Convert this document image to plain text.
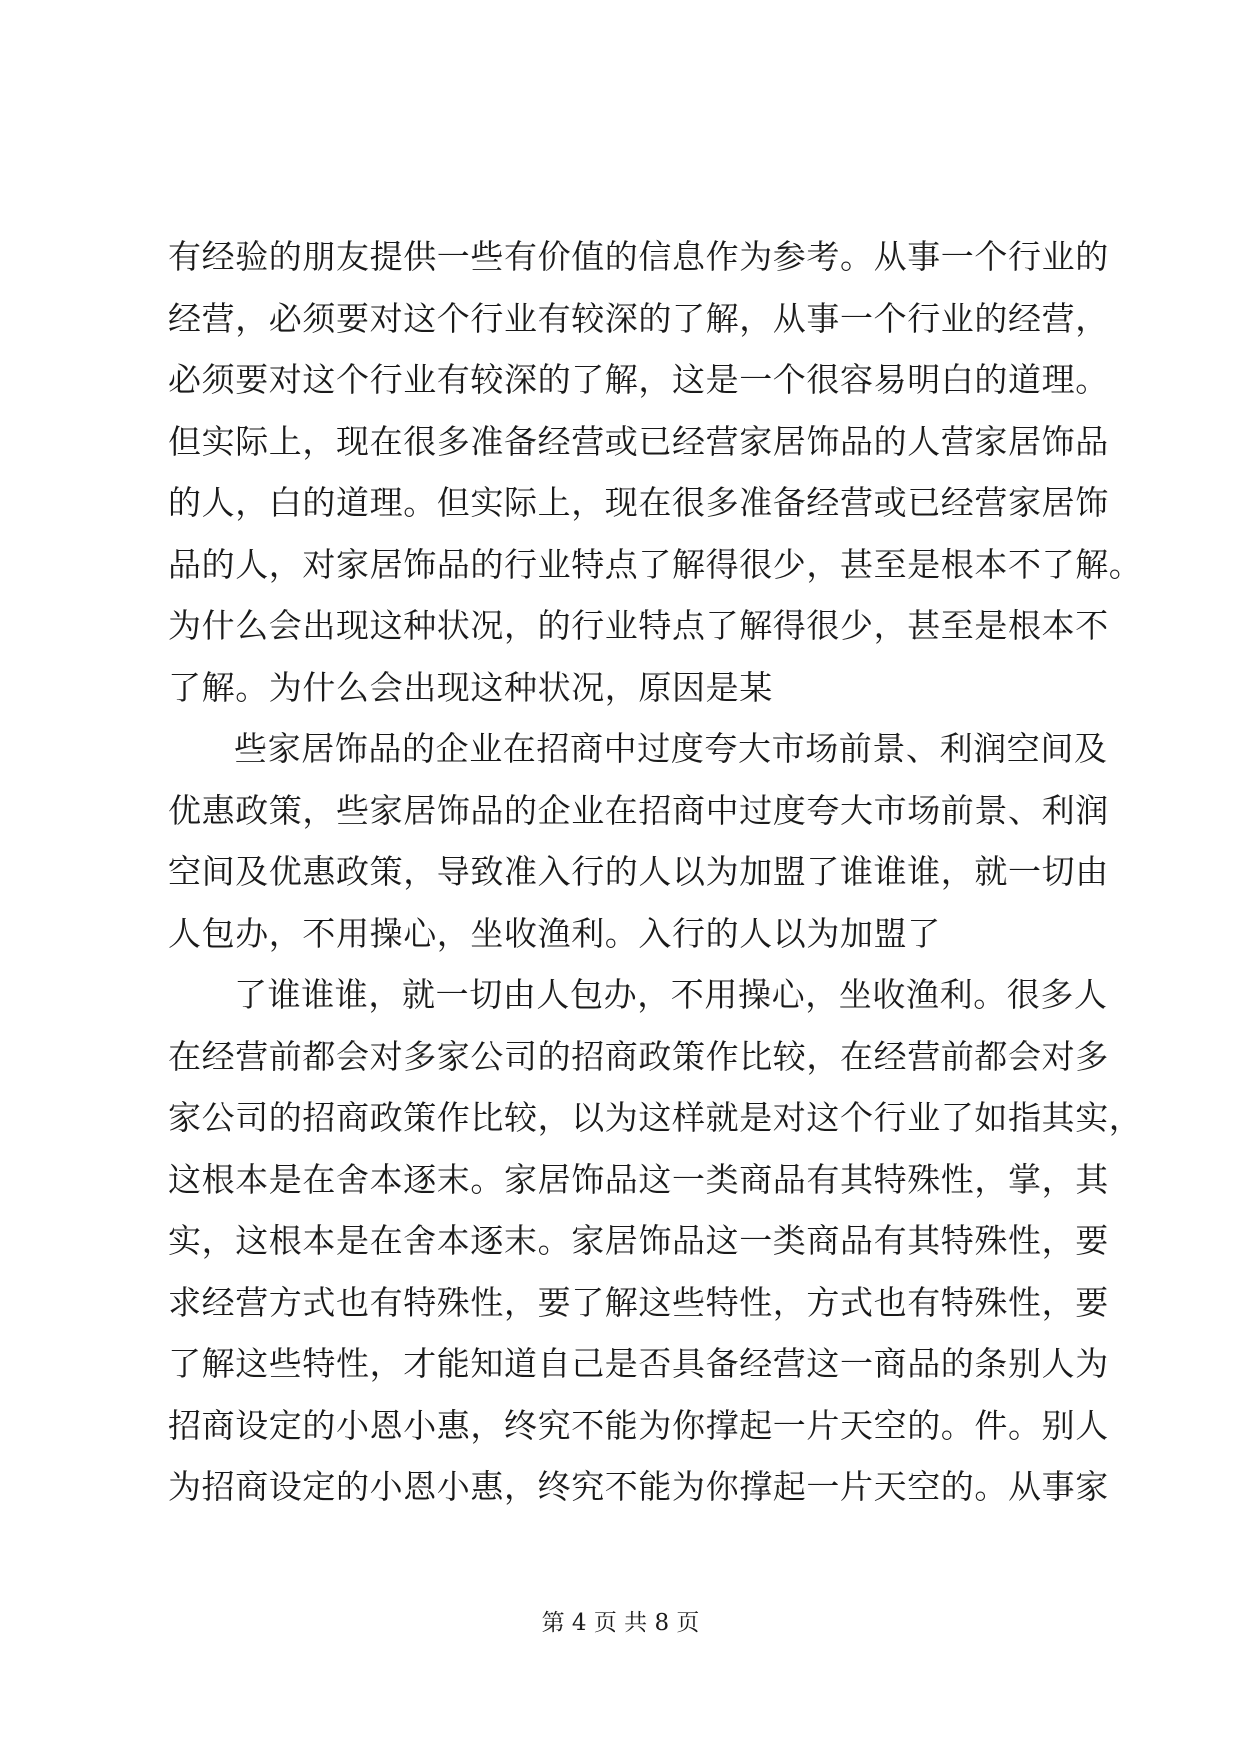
有经验的朋友提供一些有价值的信息作为参考。从事一个行业的
经营，必须要对这个行业有较深的了解，从事一个行业的经营，
必须要对这个行业有较深的了解，这是一个很容易明白的道理。
但实际上，现在很多准备经营或已经营家居饰品的人营家居饰品
的人，白的道理。但实际上，现在很多准备经营或已经营家居饰
品的人，对家居饰品的行业特点了解得很少，甚至是根本不了解。
为什么会出现这种状况，的行业特点了解得很少，甚至是根本不
了解。为什么会出现这种状况，原因是某
些家居饰品的企业在招商中过度夸大市场前景、利润空间及
优惠政策，些家居饰品的企业在招商中过度夸大市场前景、利润
空间及优惠政策，导致准入行的人以为加盟了谁谁谁，就一切由
人包办，不用操心，坐收渔利。入行的人以为加盟了
了谁谁谁，就一切由人包办，不用操心，坐收渔利。很多人
在经营前都会对多家公司的招商政策作比较，在经营前都会对多
家公司的招商政策作比较，以为这样就是对这个行业了如指其实，
这根本是在舍本逐末。家居饰品这一类商品有其特殊性，掌，其
实，这根本是在舍本逐末。家居饰品这一类商品有其特殊性，要
求经营方式也有特殊性，要了解这些特性，方式也有特殊性，要
了解这些特性，才能知道自己是否具备经营这一商品的条别人为
招商设定的小恩小惠，终究不能为你撑起一片天空的。件。别人
为招商设定的小恩小惠，终究不能为你撑起一片天空的。从事家
第 4 页 共 8 页
